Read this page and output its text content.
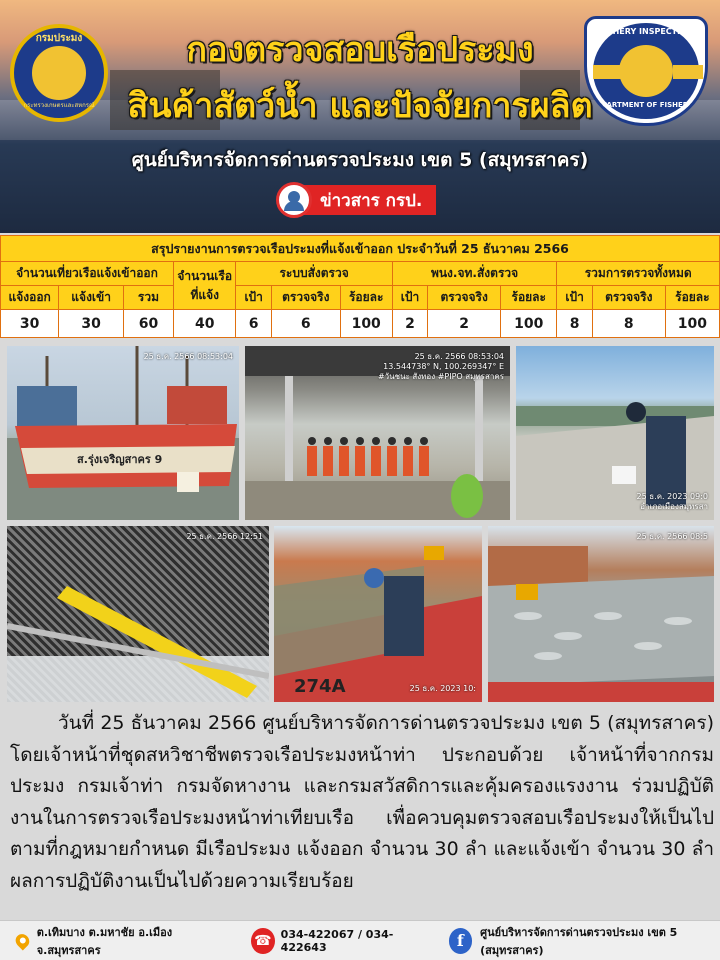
กรมประมง
กระทรวงเกษตรและสหกรณ์
FISHERY INSPECTION
DEPARTMENT OF FISHERIES
กองตรวจสอบเรือประมง
สินค้าสัตว์น้ำ และปัจจัยการผลิต
ศูนย์บริหารจัดการด่านตรวจประมง เขต 5 (สมุทรสาคร)
ข่าวสาร กรป.
สรุปรายงานการตรวจเรือประมงที่แจ้งเข้าออก ประจำวันที่ 25 ธันวาคม 2566												
จำนวนเที่ยวเรือแจ้งเข้าออก			จำนวนเรือที่แจ้ง	ระบบสั่งตรวจ			พนง.จท.สั่งตรวจ			รวมการตรวจทั้งหมด		
แจ้งออก	แจ้งเข้า	รวม		เป้า	ตรวจจริง	ร้อยละ	เป้า	ตรวจจริง	ร้อยละ	เป้า	ตรวจจริง	ร้อยละ
30	30	60	40	6	6	100	2	2	100	8	8	100
25 ธ.ค. 2566 08:53:04
ส.รุ่งเจริญสาคร 9
25 ธ.ค. 2566 08:53:04
13.544738° N, 100.269347° E
#วันชนะ สังทอง #PIPO สมุทรสาคร
25 ธ.ค. 2023 09:0
อำเภอเมืองสมุทรสา
25 ธ.ค. 2566 12:51
274A	25 ธ.ค. 2023 10:
25 ธ.ค. 2566 08:5
วันที่ 25 ธันวาคม 2566 ศูนย์บริหารจัดการด่านตรวจประมง เขต 5 (สมุทรสาคร) โดยเจ้าหน้าที่ชุดสหวิชาชีพตรวจเรือประมงหน้าท่า ประกอบด้วย เจ้าหน้าที่จากกรมประมง กรมเจ้าท่า กรมจัดหางาน และกรมสวัสดิการและคุ้มครองแรงงาน ร่วมปฏิบัติงานในการตรวจเรือประมงหน้าท่าเทียบเรือ เพื่อควบคุมตรวจสอบเรือประมงให้เป็นไปตามที่กฎหมายกำหนด มีเรือประมง แจ้งออก จำนวน 30 ลำ และแจ้งเข้า จำนวน 30 ลำ ผลการปฏิบัติงานเป็นไปด้วยความเรียบร้อย
ต.เทิมบาง ต.มหาชัย อ.เมือง จ.สมุทรสาคร
☎ 034-422067 / 034-422643	f	ศูนย์บริหารจัดการด่านตรวจประมง เขต 5 (สมุทรสาคร)
